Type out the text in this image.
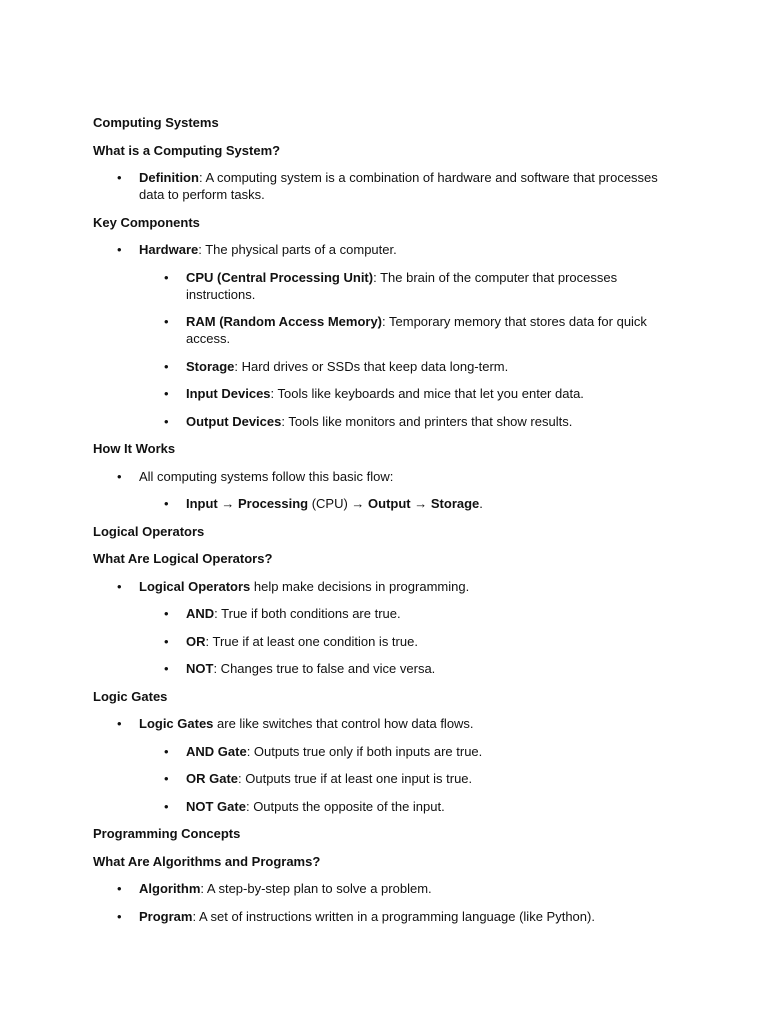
Computing Systems

What is a Computing System?

• Definition: A computing system is a combination of hardware and software that processes data to perform tasks.

Key Components

• Hardware: The physical parts of a computer.
• CPU (Central Processing Unit): The brain of the computer that processes instructions.
• RAM (Random Access Memory): Temporary memory that stores data for quick access.
• Storage: Hard drives or SSDs that keep data long-term.
• Input Devices: Tools like keyboards and mice that let you enter data.
• Output Devices: Tools like monitors and printers that show results.

How It Works

• All computing systems follow this basic flow:
• Input → Processing (CPU) → Output → Storage.

Logical Operators

What Are Logical Operators?

• Logical Operators help make decisions in programming.
• AND: True if both conditions are true.
• OR: True if at least one condition is true.
• NOT: Changes true to false and vice versa.

Logic Gates

• Logic Gates are like switches that control how data flows.
• AND Gate: Outputs true only if both inputs are true.
• OR Gate: Outputs true if at least one input is true.
• NOT Gate: Outputs the opposite of the input.

Programming Concepts

What Are Algorithms and Programs?

• Algorithm: A step-by-step plan to solve a problem.
• Program: A set of instructions written in a programming language (like Python).
